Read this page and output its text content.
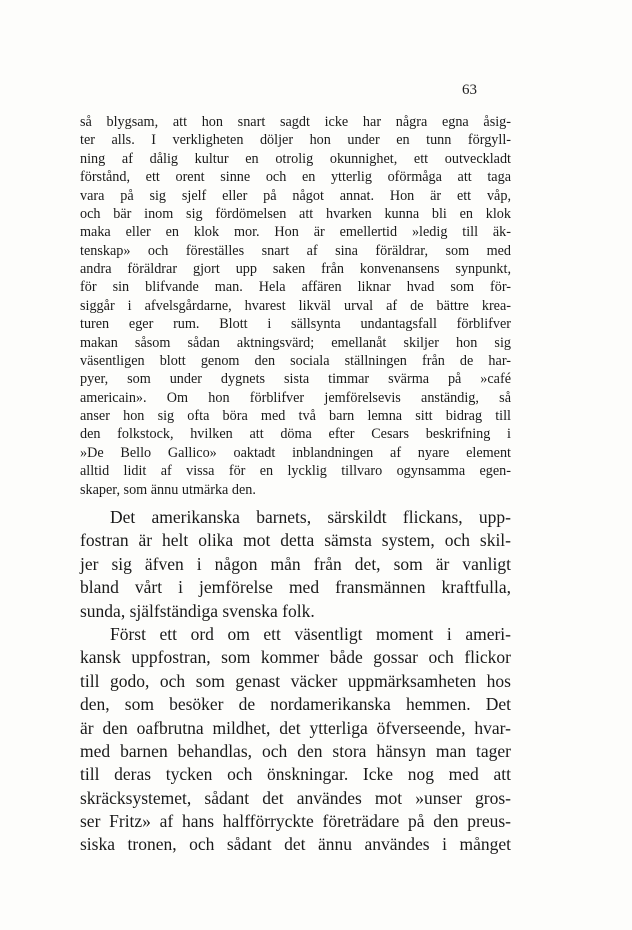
63
så blygsam, att hon snart sagdt icke har några egna åsig-
ter alls. I verkligheten döljer hon under en tunn förgyll-
ning af dålig kultur en otrolig okunnighet, ett outveckladt
förstånd, ett orent sinne och en ytterlig oförmåga att taga
vara på sig sjelf eller på något annat. Hon är ett våp,
och bär inom sig fördömelsen att hvarken kunna bli en klok
maka eller en klok mor. Hon är emellertid »ledig till äk-
tenskap» och föreställes snart af sina föräldrar, som med
andra föräldrar gjort upp saken från konvenansens synpunkt,
för sin blifvande man. Hela affären liknar hvad som för-
siggår i afvelsgårdarne, hvarest likväl urval af de bättre krea-
turen eger rum. Blott i sällsynta undantagsfall förblifver
makan såsom sådan aktningsvärd; emellanåt skiljer hon sig
väsentligen blott genom den sociala ställningen från de har-
pyer, som under dygnets sista timmar svärma på »café
americain». Om hon förblifver jemförelsevis anständig, så
anser hon sig ofta böra med två barn lemna sitt bidrag till
den folkstock, hvilken att döma efter Cesars beskrifning i
»De Bello Gallico» oaktadt inblandningen af nyare element
alltid lidit af vissa för en lycklig tillvaro ogynsamma egen-
skaper, som ännu utmärka den.
Det amerikanska barnets, särskildt flickans, upp-
fostran är helt olika mot detta sämsta system, och skil-
jer sig äfven i någon mån från det, som är vanligt
bland vårt i jemförelse med fransmännen kraftfulla,
sunda, själfständiga svenska folk.
Först ett ord om ett väsentligt moment i ameri-
kansk uppfostran, som kommer både gossar och flickor
till godo, och som genast väcker uppmärksamheten hos
den, som besöker de nordamerikanska hemmen. Det
är den oafbrutna mildhet, det ytterliga öfverseende, hvar-
med barnen behandlas, och den stora hänsyn man tager
till deras tycken och önskningar. Icke nog med att
skräcksystemet, sådant det användes mot »unser gros-
ser Fritz» af hans halfförryckte företrädare på den preus-
siska tronen, och sådant det ännu användes i månget
